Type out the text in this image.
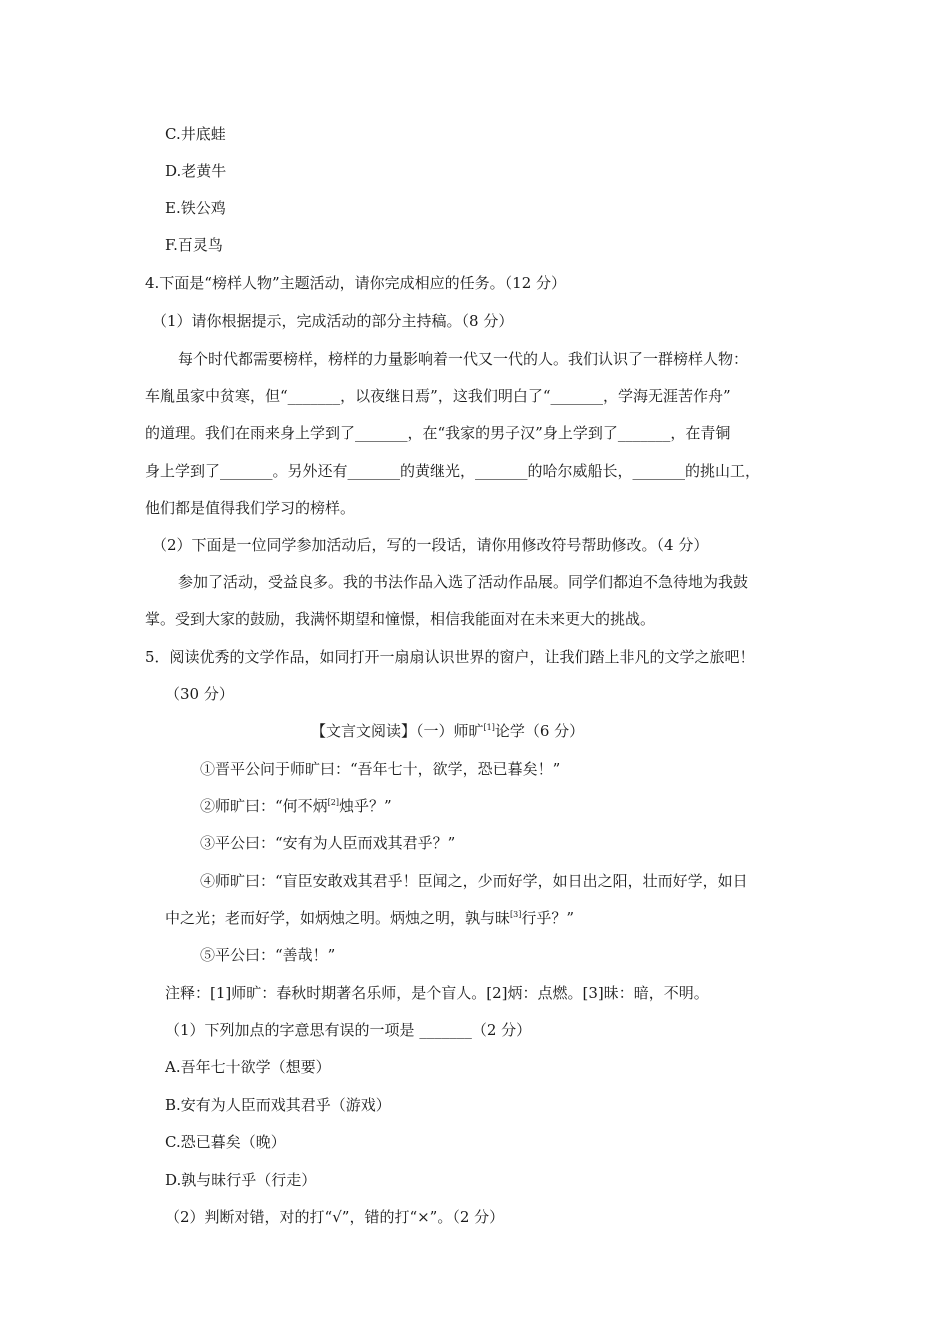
C.井底蛙
D.老黄牛
E.铁公鸡
F.百灵鸟
4.下面是“榜样人物”主题活动，请你完成相应的任务。（12 分）
（1）请你根据提示，完成活动的部分主持稿。（8 分）
每个时代都需要榜样，榜样的力量影响着一代又一代的人。我们认识了一群榜样人物：
车胤虽家中贫寒，但“_______，以夜继日焉”，这我们明白了“_______，学海无涯苦作舟”
的道理。我们在雨来身上学到了_______，在“我家的男子汉”身上学到了_______，在青铜
身上学到了_______。另外还有_______的黄继光，_______的哈尔威船长，_______的挑山工，
他们都是值得我们学习的榜样。
（2）下面是一位同学参加活动后，写的一段话，请你用修改符号帮助修改。（4 分）
参加了活动，受益良多。我的书法作品入选了活动作品展。同学们都迫不急待地为我鼓
掌。受到大家的鼓励，我满怀期望和憧憬，相信我能面对在未来更大的挑战。
5．阅读优秀的文学作品，如同打开一扇扇认识世界的窗户，让我们踏上非凡的文学之旅吧！
（30 分）
【文言文阅读】（一）师旷[1]论学（6 分）
①晋平公问于师旷曰：“吾年七十，欲学，恐已暮矣！”
②师旷曰：“何不炳[2]烛乎？”
③平公曰：“安有为人臣而戏其君乎？”
④师旷曰：“盲臣安敢戏其君乎！臣闻之，少而好学，如日出之阳，壮而好学，如日
中之光；老而好学，如炳烛之明。炳烛之明，孰与昧[3]行乎？”
⑤平公曰：“善哉！”
注释：[1]师旷：春秋时期著名乐师，是个盲人。[2]炳：点燃。[3]昧：暗，不明。
（1）下列加点的字意思有误的一项是 _______（2 分）
A.吾年七十欲学（想要）
B.安有为人臣而戏其君乎（游戏）
C.恐已暮矣（晚）
D.孰与昧行乎（行走）
（2）判断对错，对的打“√”，错的打“×”。（2 分）
